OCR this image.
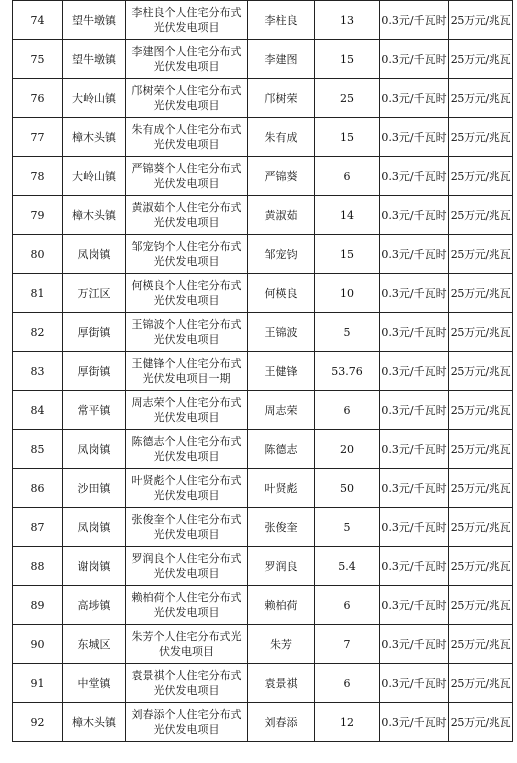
74	望牛墩镇	李柱良个人住宅分布式光伏发电项目	李柱良	13	0.3元/千瓦时	25万元/兆瓦
75	望牛墩镇	李建图个人住宅分布式光伏发电项目	李建图	15	0.3元/千瓦时	25万元/兆瓦
76	大岭山镇	邝树荣个人住宅分布式光伏发电项目	邝树荣	25	0.3元/千瓦时	25万元/兆瓦
77	樟木头镇	朱有成个人住宅分布式光伏发电项目	朱有成	15	0.3元/千瓦时	25万元/兆瓦
78	大岭山镇	严锦葵个人住宅分布式光伏发电项目	严锦葵	6	0.3元/千瓦时	25万元/兆瓦
79	樟木头镇	黄淑茹个人住宅分布式光伏发电项目	黄淑茹	14	0.3元/千瓦时	25万元/兆瓦
80	凤岗镇	邹宠钧个人住宅分布式光伏发电项目	邹宠钧	15	0.3元/千瓦时	25万元/兆瓦
81	万江区	何楧良个人住宅分布式光伏发电项目	何楧良	10	0.3元/千瓦时	25万元/兆瓦
82	厚街镇	王锦波个人住宅分布式光伏发电项目	王锦波	5	0.3元/千瓦时	25万元/兆瓦
83	厚街镇	王健锋个人住宅分布式光伏发电项目一期	王健锋	53.76	0.3元/千瓦时	25万元/兆瓦
84	常平镇	周志荣个人住宅分布式光伏发电项目	周志荣	6	0.3元/千瓦时	25万元/兆瓦
85	凤岗镇	陈德志个人住宅分布式光伏发电项目	陈德志	20	0.3元/千瓦时	25万元/兆瓦
86	沙田镇	叶贤彪个人住宅分布式光伏发电项目	叶贤彪	50	0.3元/千瓦时	25万元/兆瓦
87	凤岗镇	张俊奎个人住宅分布式光伏发电项目	张俊奎	5	0.3元/千瓦时	25万元/兆瓦
88	谢岗镇	罗润良个人住宅分布式光伏发电项目	罗润良	5.4	0.3元/千瓦时	25万元/兆瓦
89	高埗镇	赖柏荷个人住宅分布式光伏发电项目	赖柏荷	6	0.3元/千瓦时	25万元/兆瓦
90	东城区	朱芳个人住宅分布式光伏发电项目	朱芳	7	0.3元/千瓦时	25万元/兆瓦
91	中堂镇	袁景祺个人住宅分布式光伏发电项目	袁景祺	6	0.3元/千瓦时	25万元/兆瓦
92	樟木头镇	刘春添个人住宅分布式光伏发电项目	刘春添	12	0.3元/千瓦时	25万元/兆瓦
